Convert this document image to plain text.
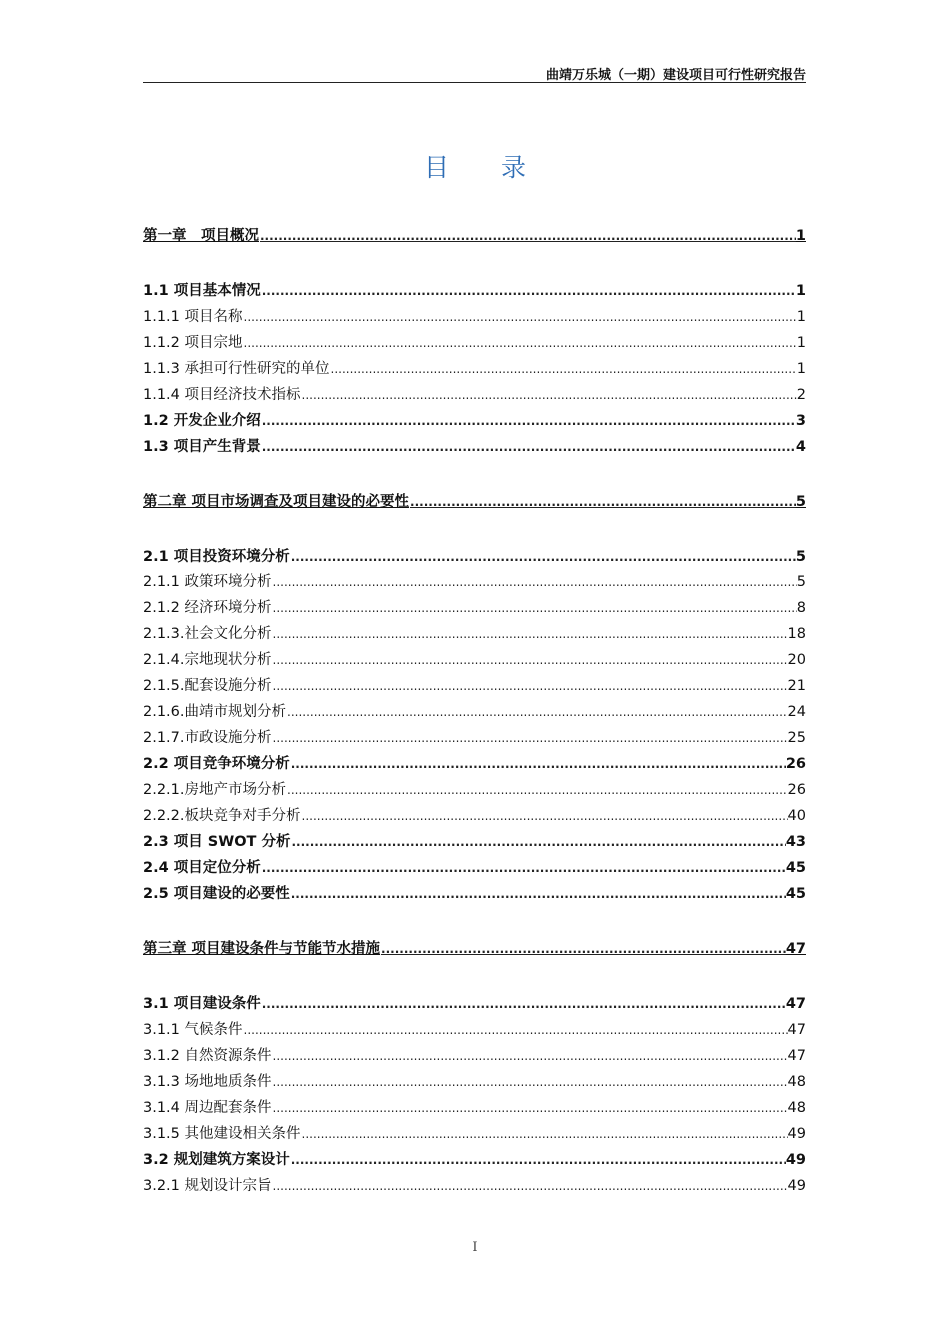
曲靖万乐城（一期）建设项目可行性研究报告
目录
第一章　项目概况 .....	1
1.1 项目基本情况 .....	1
1.1.1 项目名称 .....	1
1.1.2 项目宗地 .....	1
1.1.3 承担可行性研究的单位 .....	1
1.1.4 项目经济技术指标 .....	2
1.2 开发企业介绍 .....	3
1.3 项目产生背景 .....	4
第二章 项目市场调查及项目建设的必要性 .....	5
2.1 项目投资环境分析 .....	5
2.1.1 政策环境分析 .....	5
2.1.2 经济环境分析 .....	8
2.1.3.社会文化分析 .....	18
2.1.4.宗地现状分析 .....	20
2.1.5.配套设施分析 .....	21
2.1.6.曲靖市规划分析 .....	24
2.1.7.市政设施分析 .....	25
2.2 项目竞争环境分析 .....	26
2.2.1.房地产市场分析 .....	26
2.2.2.板块竞争对手分析 .....	40
2.3 项目 SWOT 分析 .....	43
2.4 项目定位分析 .....	45
2.5 项目建设的必要性 .....	45
第三章 项目建设条件与节能节水措施 .....	47
3.1 项目建设条件 .....	47
3.1.1 气候条件 .....	47
3.1.2 自然资源条件 .....	47
3.1.3 场地地质条件 .....	48
3.1.4 周边配套条件 .....	48
3.1.5 其他建设相关条件 .....	49
3.2 规划建筑方案设计 .....	49
3.2.1 规划设计宗旨 .....	49
I
